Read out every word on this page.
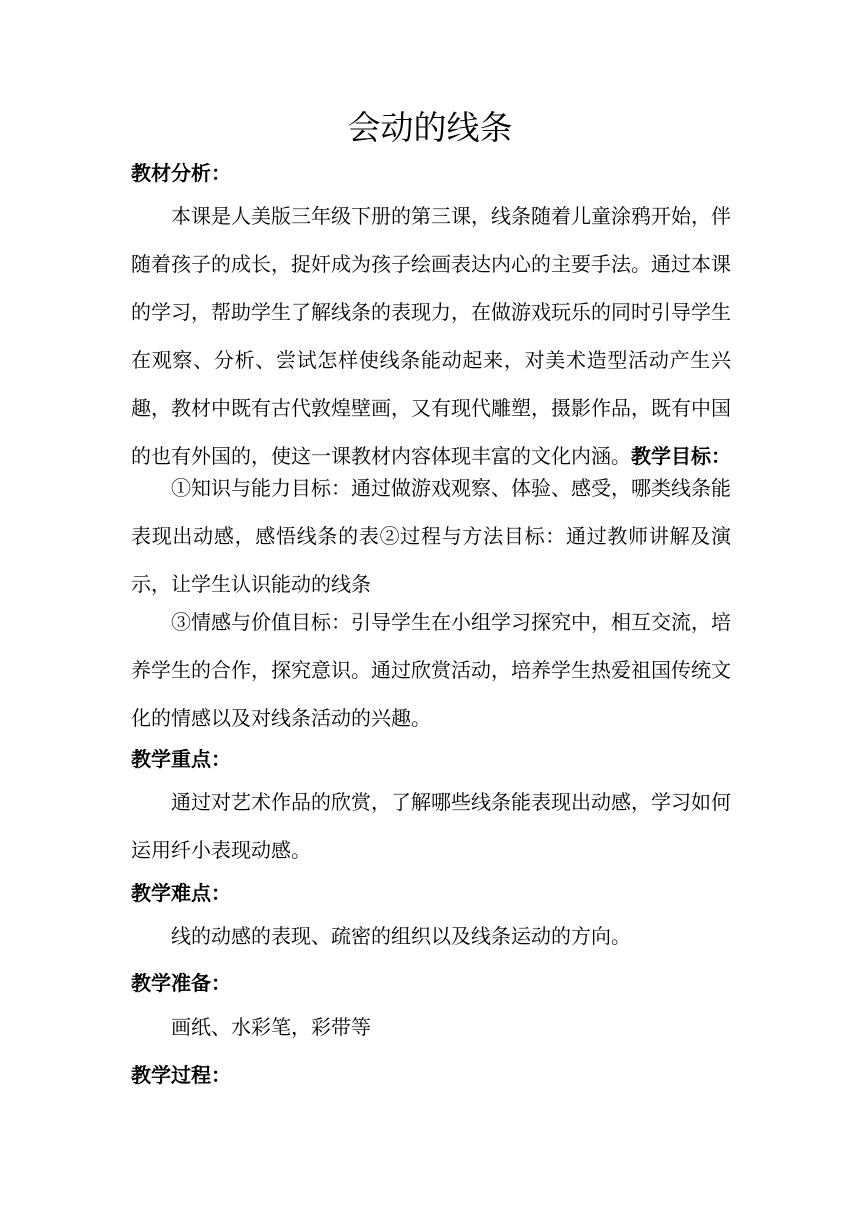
会动的线条

教材分析：

本课是人美版三年级下册的第三课，线条随着儿童涂鸦开始，伴随着孩子的成长，捉奸成为孩子绘画表达内心的主要手法。通过本课的学习，帮助学生了解线条的表现力，在做游戏玩乐的同时引导学生在观察、分析、尝试怎样使线条能动起来，对美术造型活动产生兴趣，教材中既有古代敦煌壁画，又有现代雕塑，摄影作品，既有中国的也有外国的，使这一课教材内容体现丰富的文化内涵。教学目标：

①知识与能力目标：通过做游戏观察、体验、感受，哪类线条能表现出动感，感悟线条的表②过程与方法目标：通过教师讲解及演示，让学生认识能动的线条

③情感与价值目标：引导学生在小组学习探究中，相互交流，培养学生的合作，探究意识。通过欣赏活动，培养学生热爱祖国传统文化的情感以及对线条活动的兴趣。

教学重点：

通过对艺术作品的欣赏，了解哪些线条能表现出动感，学习如何运用纤小表现动感。

教学难点：

线的动感的表现、疏密的组织以及线条运动的方向。

教学准备：

画纸、水彩笔，彩带等

教学过程：
